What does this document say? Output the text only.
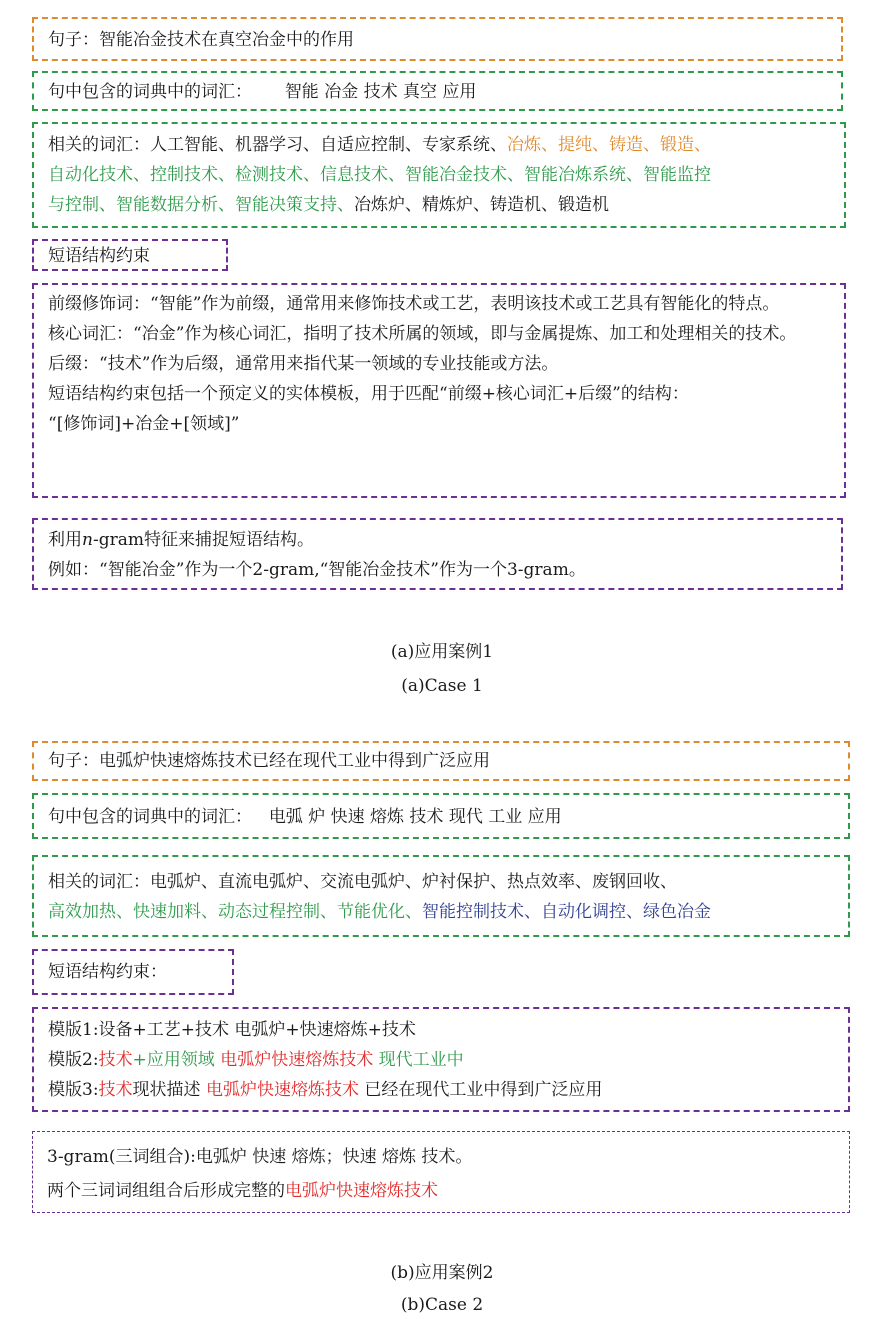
句子：智能冶金技术在真空冶金中的作用
句中包含的词典中的词汇： 智能 冶金 技术 真空 应用
相关的词汇：人工智能、机器学习、自适应控制、专家系统、冶炼、提纯、铸造、锻造、
自动化技术、控制技术、检测技术、信息技术、智能冶金技术、智能冶炼系统、智能监控
与控制、智能数据分析、智能决策支持、冶炼炉、精炼炉、铸造机、锻造机
短语结构约束
前缀修饰词：“智能”作为前缀，通常用来修饰技术或工艺，表明该技术或工艺具有智能化的特点。
核心词汇：“冶金”作为核心词汇，指明了技术所属的领域，即与金属提炼、加工和处理相关的技术。
后缀：“技术”作为后缀，通常用来指代某一领域的专业技能或方法。
短语结构约束包括一个预定义的实体模板，用于匹配“前缀+核心词汇+后缀”的结构：
“[修饰词]+冶金+[领域]”
利用n-gram特征来捕捉短语结构。
例如：“智能冶金”作为一个2-gram,“智能冶金技术”作为一个3-gram。
(a)应用案例1
(a)Case 1
句子：电弧炉快速熔炼技术已经在现代工业中得到广泛应用
句中包含的词典中的词汇： 电弧 炉 快速 熔炼 技术 现代 工业 应用
相关的词汇：电弧炉、直流电弧炉、交流电弧炉、炉衬保护、热点效率、废钢回收、
高效加热、快速加料、动态过程控制、节能优化、智能控制技术、自动化调控、绿色冶金
短语结构约束：
模版1:设备+工艺+技术 电弧炉+快速熔炼+技术
模版2:技术+应用领域 电弧炉快速熔炼技术 现代工业中
模版3:技术现状描述 电弧炉快速熔炼技术 已经在现代工业中得到广泛应用
3-gram(三词组合):电弧炉 快速 熔炼；快速 熔炼 技术。
两个三词词组组合后形成完整的电弧炉快速熔炼技术
(b)应用案例2
(b)Case 2
